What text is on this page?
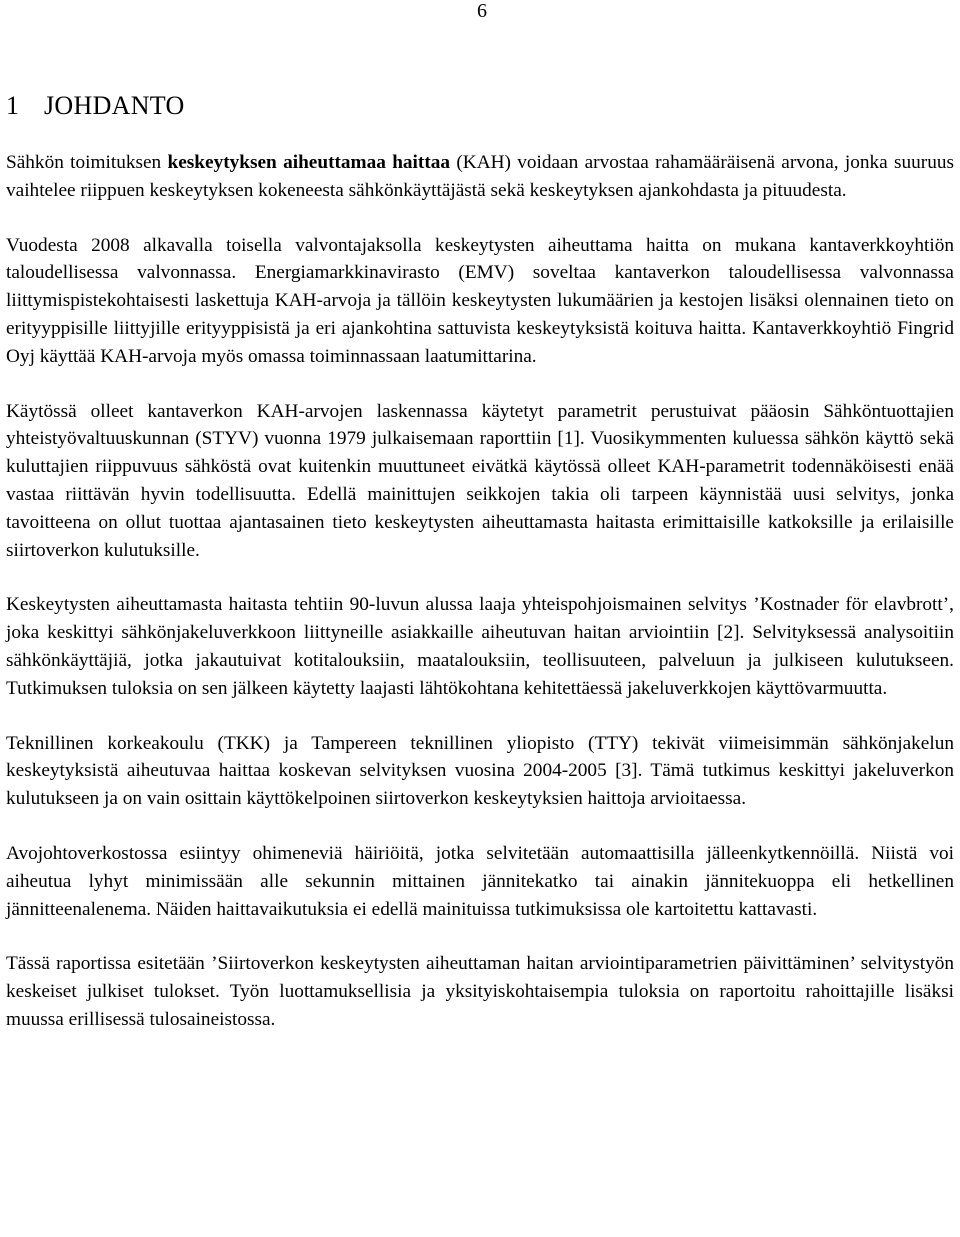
6
1 JOHDANTO

Sähkön toimituksen keskeytyksen aiheuttamaa haittaa (KAH) voidaan arvostaa rahamääräisenä arvona, jonka suuruus vaihtelee riippuen keskeytyksen kokeneesta sähkönkäyttäjästä sekä keskeytyksen ajankohdasta ja pituudesta.

Vuodesta 2008 alkavalla toisella valvontajaksolla keskeytysten aiheuttama haitta on mukana kantaverkkoyhtiön taloudellisessa valvonnassa. Energiamarkkinavirasto (EMV) soveltaa kantaverkon taloudellisessa valvonnassa liittymispistekohtaisesti laskettuja KAH-arvoja ja tällöin keskeytysten lukumäärien ja kestojen lisäksi olennainen tieto on erityyppisille liittyjille erityyppisistä ja eri ajankohtina sattuvista keskeytyksistä koituva haitta. Kantaverkkoyhtiö Fingrid Oyj käyttää KAH-arvoja myös omassa toiminnassaan laatumittarina.

Käytössä olleet kantaverkon KAH-arvojen laskennassa käytetyt parametrit perustuivat pääosin Sähköntuottajien yhteistyövaltuuskunnan (STYV) vuonna 1979 julkaisemaan raporttiin [1]. Vuosikymmenten kuluessa sähkön käyttö sekä kuluttajien riippuvuus sähköstä ovat kuitenkin muuttuneet eivätkä käytössä olleet KAH-parametrit todennäköisesti enää vastaa riittävän hyvin todellisuutta. Edellä mainittujen seikkojen takia oli tarpeen käynnistää uusi selvitys, jonka tavoitteena on ollut tuottaa ajantasainen tieto keskeytysten aiheuttamasta haitasta erimittaisille katkoksille ja erilaisille siirtoverkon kulutuksille.

Keskeytysten aiheuttamasta haitasta tehtiin 90-luvun alussa laaja yhteispohjoismainen selvitys ’Kostnader för elavbrott’, joka keskittyi sähkönjakeluverkkoon liittyneille asiakkaille aiheutuvan haitan arviointiin [2]. Selvityksessä analysoitiin sähkönkäyttäjiä, jotka jakautuivat kotitalouksiin, maatalouksiin, teollisuuteen, palveluun ja julkiseen kulutukseen. Tutkimuksen tuloksia on sen jälkeen käytetty laajasti lähtökohtana kehitettäessä jakeluverkkojen käyttövarmuutta.

Teknillinen korkeakoulu (TKK) ja Tampereen teknillinen yliopisto (TTY) tekivät viimeisimmän sähkönjakelun keskeytyksistä aiheutuvaa haittaa koskevan selvityksen vuosina 2004-2005 [3]. Tämä tutkimus keskittyi jakeluverkon kulutukseen ja on vain osittain käyttökelpoinen siirtoverkon keskeytyksien haittoja arvioitaessa.

Avojohtoverkostossa esiintyy ohimeneviä häiriöitä, jotka selvitetään automaattisilla jälleenkytkennöillä. Niistä voi aiheutua lyhyt minimissään alle sekunnin mittainen jännitekatko tai ainakin jännitekuoppa eli hetkellinen jännitteenalenema. Näiden haittavaikutuksia ei edellä mainituissa tutkimuksissa ole kartoitettu kattavasti.

Tässä raportissa esitetään ’Siirtoverkon keskeytysten aiheuttaman haitan arviointiparametrien päivittäminen’ selvitystyön keskeiset julkiset tulokset. Työn luottamuksellisia ja yksityiskohtaisempia tuloksia on raportoitu rahoittajille lisäksi muussa erillisessä tulosaineistossa.
